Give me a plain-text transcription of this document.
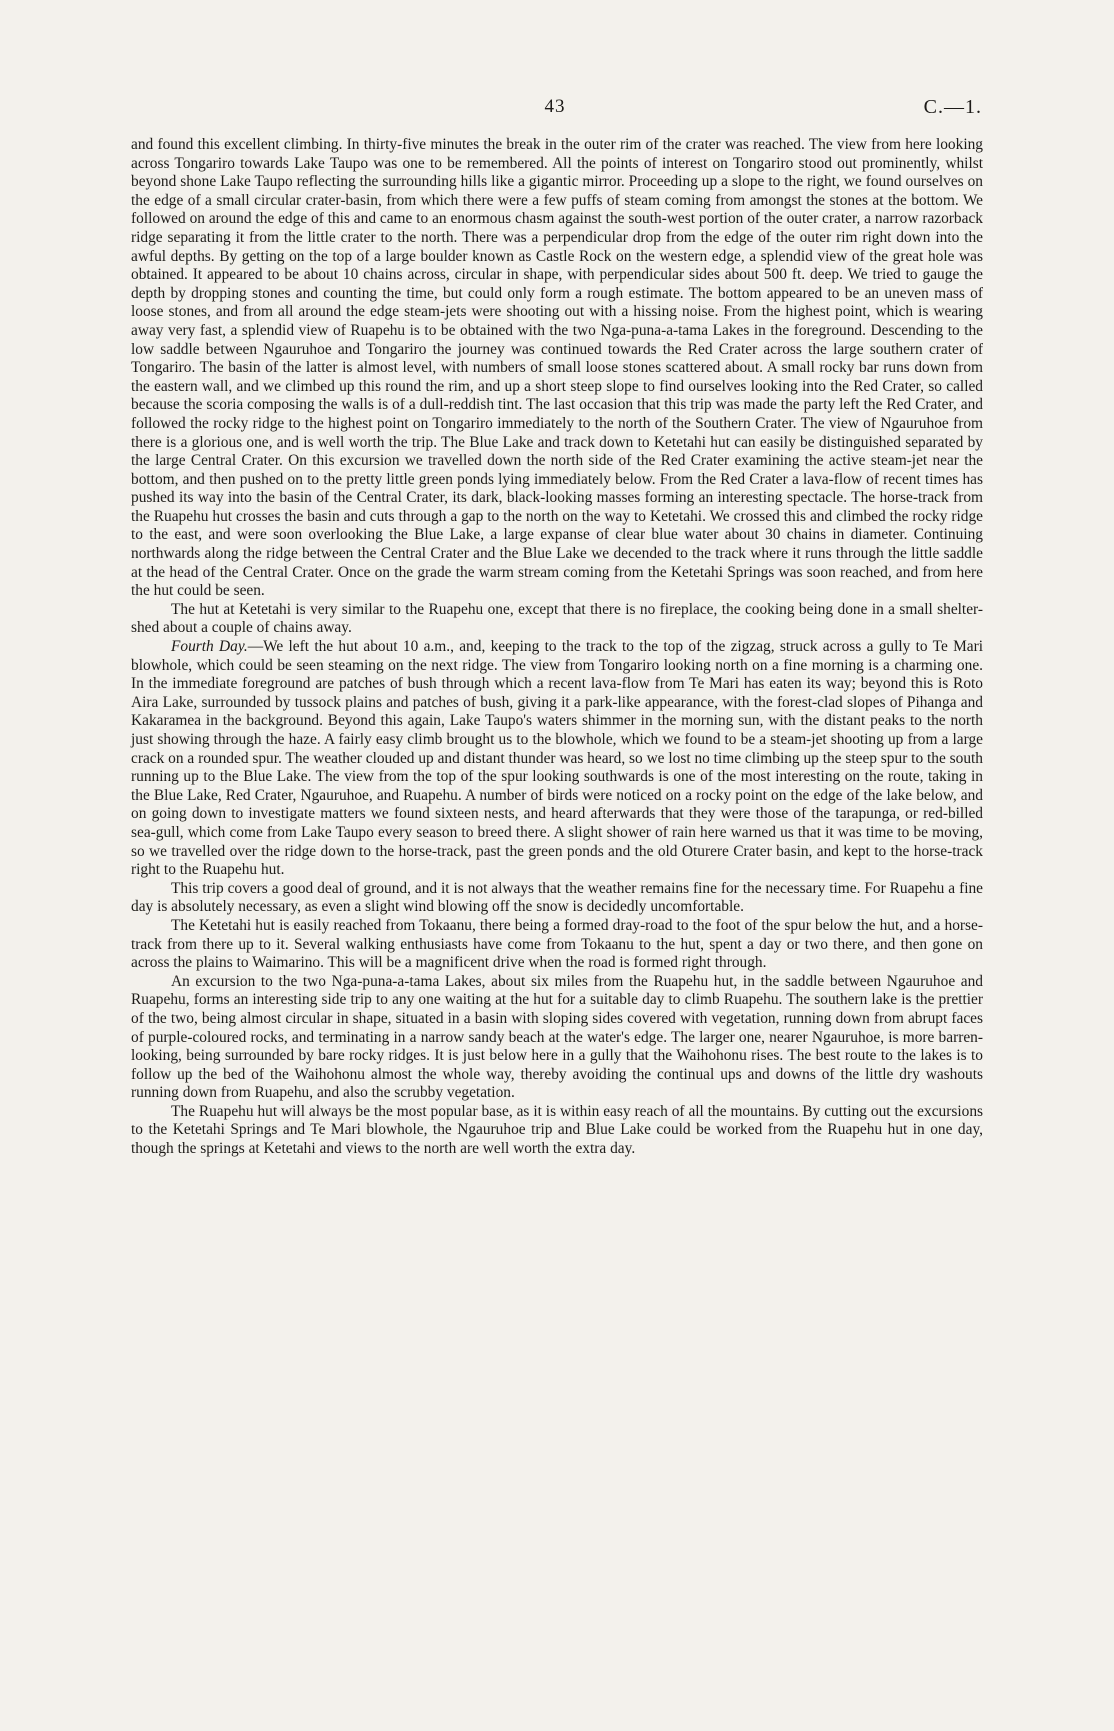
43	C.—1.

and found this excellent climbing. In thirty-five minutes the break in the outer rim of the crater was reached. The view from here looking across Tongariro towards Lake Taupo was one to be remembered. All the points of interest on Tongariro stood out prominently, whilst beyond shone Lake Taupo reflecting the surrounding hills like a gigantic mirror. Proceeding up a slope to the right, we found ourselves on the edge of a small circular crater-basin, from which there were a few puffs of steam coming from amongst the stones at the bottom. We followed on around the edge of this and came to an enormous chasm against the south-west portion of the outer crater, a narrow razorback ridge separating it from the little crater to the north. There was a perpendicular drop from the edge of the outer rim right down into the awful depths. By getting on the top of a large boulder known as Castle Rock on the western edge, a splendid view of the great hole was obtained. It appeared to be about 10 chains across, circular in shape, with perpendicular sides about 500 ft. deep. We tried to gauge the depth by dropping stones and counting the time, but could only form a rough estimate. The bottom appeared to be an uneven mass of loose stones, and from all around the edge steam-jets were shooting out with a hissing noise. From the highest point, which is wearing away very fast, a splendid view of Ruapehu is to be obtained with the two Nga-puna-a-tama Lakes in the foreground. Descending to the low saddle between Ngauruhoe and Tongariro the journey was continued towards the Red Crater across the large southern crater of Tongariro. The basin of the latter is almost level, with numbers of small loose stones scattered about. A small rocky bar runs down from the eastern wall, and we climbed up this round the rim, and up a short steep slope to find ourselves looking into the Red Crater, so called because the scoria composing the walls is of a dull-reddish tint. The last occasion that this trip was made the party left the Red Crater, and followed the rocky ridge to the highest point on Tongariro immediately to the north of the Southern Crater. The view of Ngauruhoe from there is a glorious one, and is well worth the trip. The Blue Lake and track down to Ketetahi hut can easily be distinguished separated by the large Central Crater. On this excursion we travelled down the north side of the Red Crater examining the active steam-jet near the bottom, and then pushed on to the pretty little green ponds lying immediately below. From the Red Crater a lava-flow of recent times has pushed its way into the basin of the Central Crater, its dark, black-looking masses forming an interesting spectacle. The horse-track from the Ruapehu hut crosses the basin and cuts through a gap to the north on the way to Ketetahi. We crossed this and climbed the rocky ridge to the east, and were soon overlooking the Blue Lake, a large expanse of clear blue water about 30 chains in diameter. Continuing northwards along the ridge between the Central Crater and the Blue Lake we decended to the track where it runs through the little saddle at the head of the Central Crater. Once on the grade the warm stream coming from the Ketetahi Springs was soon reached, and from here the hut could be seen.

The hut at Ketetahi is very similar to the Ruapehu one, except that there is no fireplace, the cooking being done in a small shelter-shed about a couple of chains away.

Fourth Day.—We left the hut about 10 a.m., and, keeping to the track to the top of the zigzag, struck across a gully to Te Mari blowhole, which could be seen steaming on the next ridge. The view from Tongariro looking north on a fine morning is a charming one. In the immediate foreground are patches of bush through which a recent lava-flow from Te Mari has eaten its way; beyond this is Roto Aira Lake, surrounded by tussock plains and patches of bush, giving it a park-like appearance, with the forest-clad slopes of Pihanga and Kakaramea in the background. Beyond this again, Lake Taupo's waters shimmer in the morning sun, with the distant peaks to the north just showing through the haze. A fairly easy climb brought us to the blowhole, which we found to be a steam-jet shooting up from a large crack on a rounded spur. The weather clouded up and distant thunder was heard, so we lost no time climbing up the steep spur to the south running up to the Blue Lake. The view from the top of the spur looking southwards is one of the most interesting on the route, taking in the Blue Lake, Red Crater, Ngauruhoe, and Ruapehu. A number of birds were noticed on a rocky point on the edge of the lake below, and on going down to investigate matters we found sixteen nests, and heard afterwards that they were those of the tarapunga, or red-billed sea-gull, which come from Lake Taupo every season to breed there. A slight shower of rain here warned us that it was time to be moving, so we travelled over the ridge down to the horse-track, past the green ponds and the old Oturere Crater basin, and kept to the horse-track right to the Ruapehu hut.

This trip covers a good deal of ground, and it is not always that the weather remains fine for the necessary time. For Ruapehu a fine day is absolutely necessary, as even a slight wind blowing off the snow is decidedly uncomfortable.

The Ketetahi hut is easily reached from Tokaanu, there being a formed dray-road to the foot of the spur below the hut, and a horse-track from there up to it. Several walking enthusiasts have come from Tokaanu to the hut, spent a day or two there, and then gone on across the plains to Waimarino. This will be a magnificent drive when the road is formed right through.

An excursion to the two Nga-puna-a-tama Lakes, about six miles from the Ruapehu hut, in the saddle between Ngauruhoe and Ruapehu, forms an interesting side trip to any one waiting at the hut for a suitable day to climb Ruapehu. The southern lake is the prettier of the two, being almost circular in shape, situated in a basin with sloping sides covered with vegetation, running down from abrupt faces of purple-coloured rocks, and terminating in a narrow sandy beach at the water's edge. The larger one, nearer Ngauruhoe, is more barren-looking, being surrounded by bare rocky ridges. It is just below here in a gully that the Waihohonu rises. The best route to the lakes is to follow up the bed of the Waihohonu almost the whole way, thereby avoiding the continual ups and downs of the little dry washouts running down from Ruapehu, and also the scrubby vegetation.

The Ruapehu hut will always be the most popular base, as it is within easy reach of all the mountains. By cutting out the excursions to the Ketetahi Springs and Te Mari blowhole, the Ngauruhoe trip and Blue Lake could be worked from the Ruapehu hut in one day, though the springs at Ketetahi and views to the north are well worth the extra day.
